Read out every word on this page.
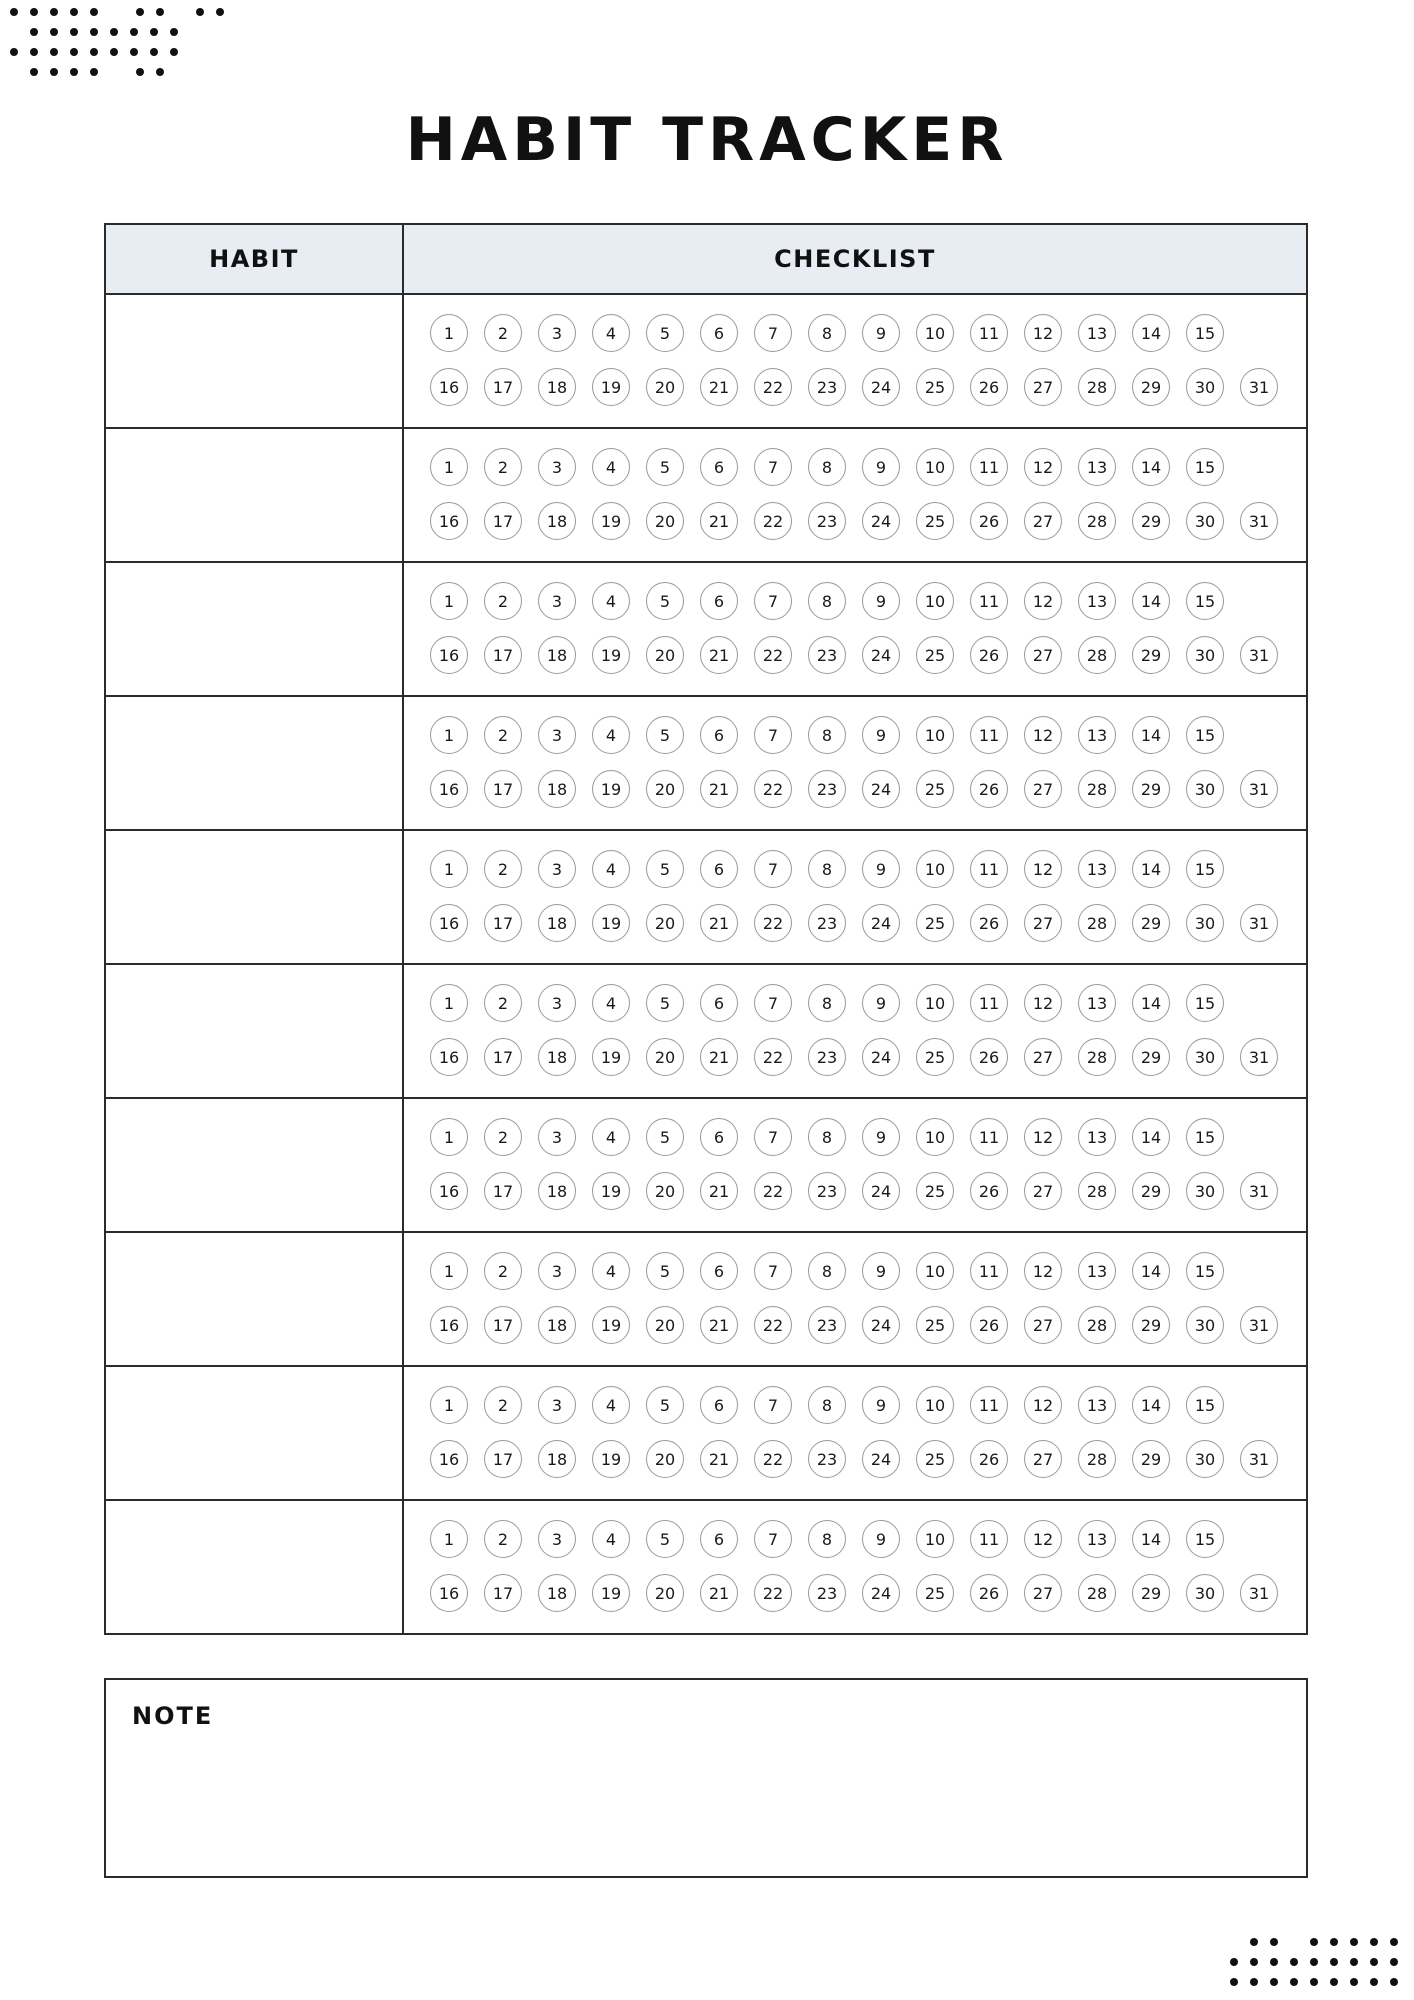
HABIT TRACKER
HABIT	CHECKLIST
1	2	3	4	5	6	7	8	9	10	11	12	13	14	15
16	17	18	19	20	21	22	23	24	25	26	27	28	29	30	31
1	2	3	4	5	6	7	8	9	10	11	12	13	14	15
16	17	18	19	20	21	22	23	24	25	26	27	28	29	30	31
1	2	3	4	5	6	7	8	9	10	11	12	13	14	15
16	17	18	19	20	21	22	23	24	25	26	27	28	29	30	31
1	2	3	4	5	6	7	8	9	10	11	12	13	14	15
16	17	18	19	20	21	22	23	24	25	26	27	28	29	30	31
1	2	3	4	5	6	7	8	9	10	11	12	13	14	15
16	17	18	19	20	21	22	23	24	25	26	27	28	29	30	31
1	2	3	4	5	6	7	8	9	10	11	12	13	14	15
16	17	18	19	20	21	22	23	24	25	26	27	28	29	30	31
1	2	3	4	5	6	7	8	9	10	11	12	13	14	15
16	17	18	19	20	21	22	23	24	25	26	27	28	29	30	31
1	2	3	4	5	6	7	8	9	10	11	12	13	14	15
16	17	18	19	20	21	22	23	24	25	26	27	28	29	30	31
1	2	3	4	5	6	7	8	9	10	11	12	13	14	15
16	17	18	19	20	21	22	23	24	25	26	27	28	29	30	31
1	2	3	4	5	6	7	8	9	10	11	12	13	14	15
16	17	18	19	20	21	22	23	24	25	26	27	28	29	30	31
NOTE
